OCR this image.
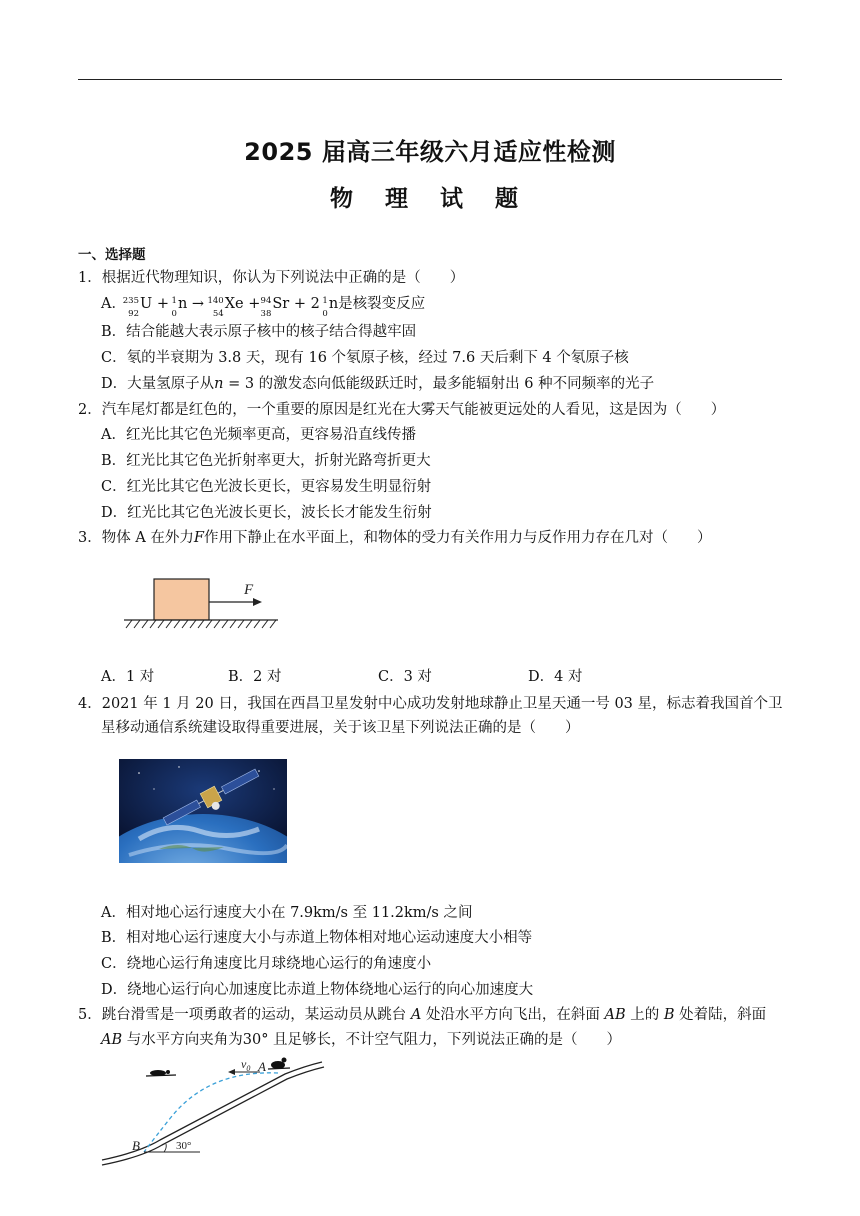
2025 届高三年级六月适应性检测
物 理 试 题
一、选择题
1．根据近代物理知识，你认为下列说法中正确的是（　　）
A．
235
92
U + 1
0
n →
140
54
Xe + 94
38
Sr + 2 1
0
n是核裂变反应
B．结合能越大表示原子核中的核子结合得越牢固
C．氡的半衰期为 3.8 天，现有 16 个氡原子核，经过 7.6 天后剩下 4 个氡原子核
D．大量氢原子从n = 3 的激发态向低能级跃迁时，最多能辐射出 6 种不同频率的光子
2．汽车尾灯都是红色的，一个重要的原因是红光在大雾天气能被更远处的人看见，这是因为（　　）
A．红光比其它色光频率更高，更容易沿直线传播
B．红光比其它色光折射率更大，折射光路弯折更大
C．红光比其它色光波长更长，更容易发生明显衍射
D．红光比其它色光波长更长，波长长才能发生衍射
3．物体 A 在外力F作用下静止在水平面上，和物体的受力有关作用力与反作用力存在几对（　　）
F
A．1 对	B．2 对	C．3 对	D．4 对
4．2021 年 1 月 20 日，我国在西昌卫星发射中心成功发射地球静止卫星天通一号 03 星，标志着我国首个卫
星移动通信系统建设取得重要进展，关于该卫星下列说法正确的是（　　）
A．相对地心运行速度大小在 7.9km/s 至 11.2km/s 之间
B．相对地心运行速度大小与赤道上物体相对地心运动速度大小相等
C．绕地心运行角速度比月球绕地心运行的角速度小
D．绕地心运行向心加速度比赤道上物体绕地心运行的向心加速度大
5．跳台滑雪是一项勇敢者的运动，某运动员从跳台 A 处沿水平方向飞出，在斜面 AB 上的 B 处着陆，斜面
AB 与水平方向夹角为30° 且足够长，不计空气阻力，下列说法正确的是（　　）
$v_0$ A
B	30°
